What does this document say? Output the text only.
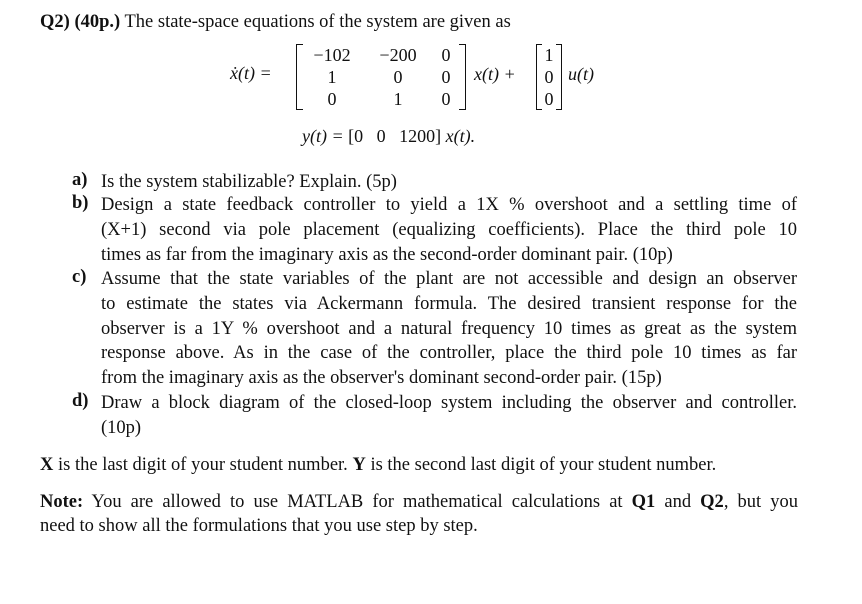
Q2) (40p.) The state-space equations of the system are given as
ẋ(t) =
−102	−200	0
1	0	0
0	1	0
x(t) +
1
0
0
u(t)
y(t) = [0   0   1200] x(t).
a) Is the system stabilizable? Explain. (5p)
b) Design a state feedback controller to yield a 1X % overshoot and a settling time of
(X+1) second via pole placement (equalizing coefficients). Place the third pole 10
times as far from the imaginary axis as the second-order dominant pair. (10p)
c) Assume that the state variables of the plant are not accessible and design an observer
to estimate the states via Ackermann formula. The desired transient response for the
observer is a 1Y % overshoot and a natural frequency 10 times as great as the system
response above. As in the case of the controller, place the third pole 10 times as far
from the imaginary axis as the observer's dominant second-order pair. (15p)
d) Draw a block diagram of the closed-loop system including the observer and controller.
(10p)
X is the last digit of your student number. Y is the second last digit of your student number.
Note: You are allowed to use MATLAB for mathematical calculations at Q1 and Q2, but you
need to show all the formulations that you use step by step.
